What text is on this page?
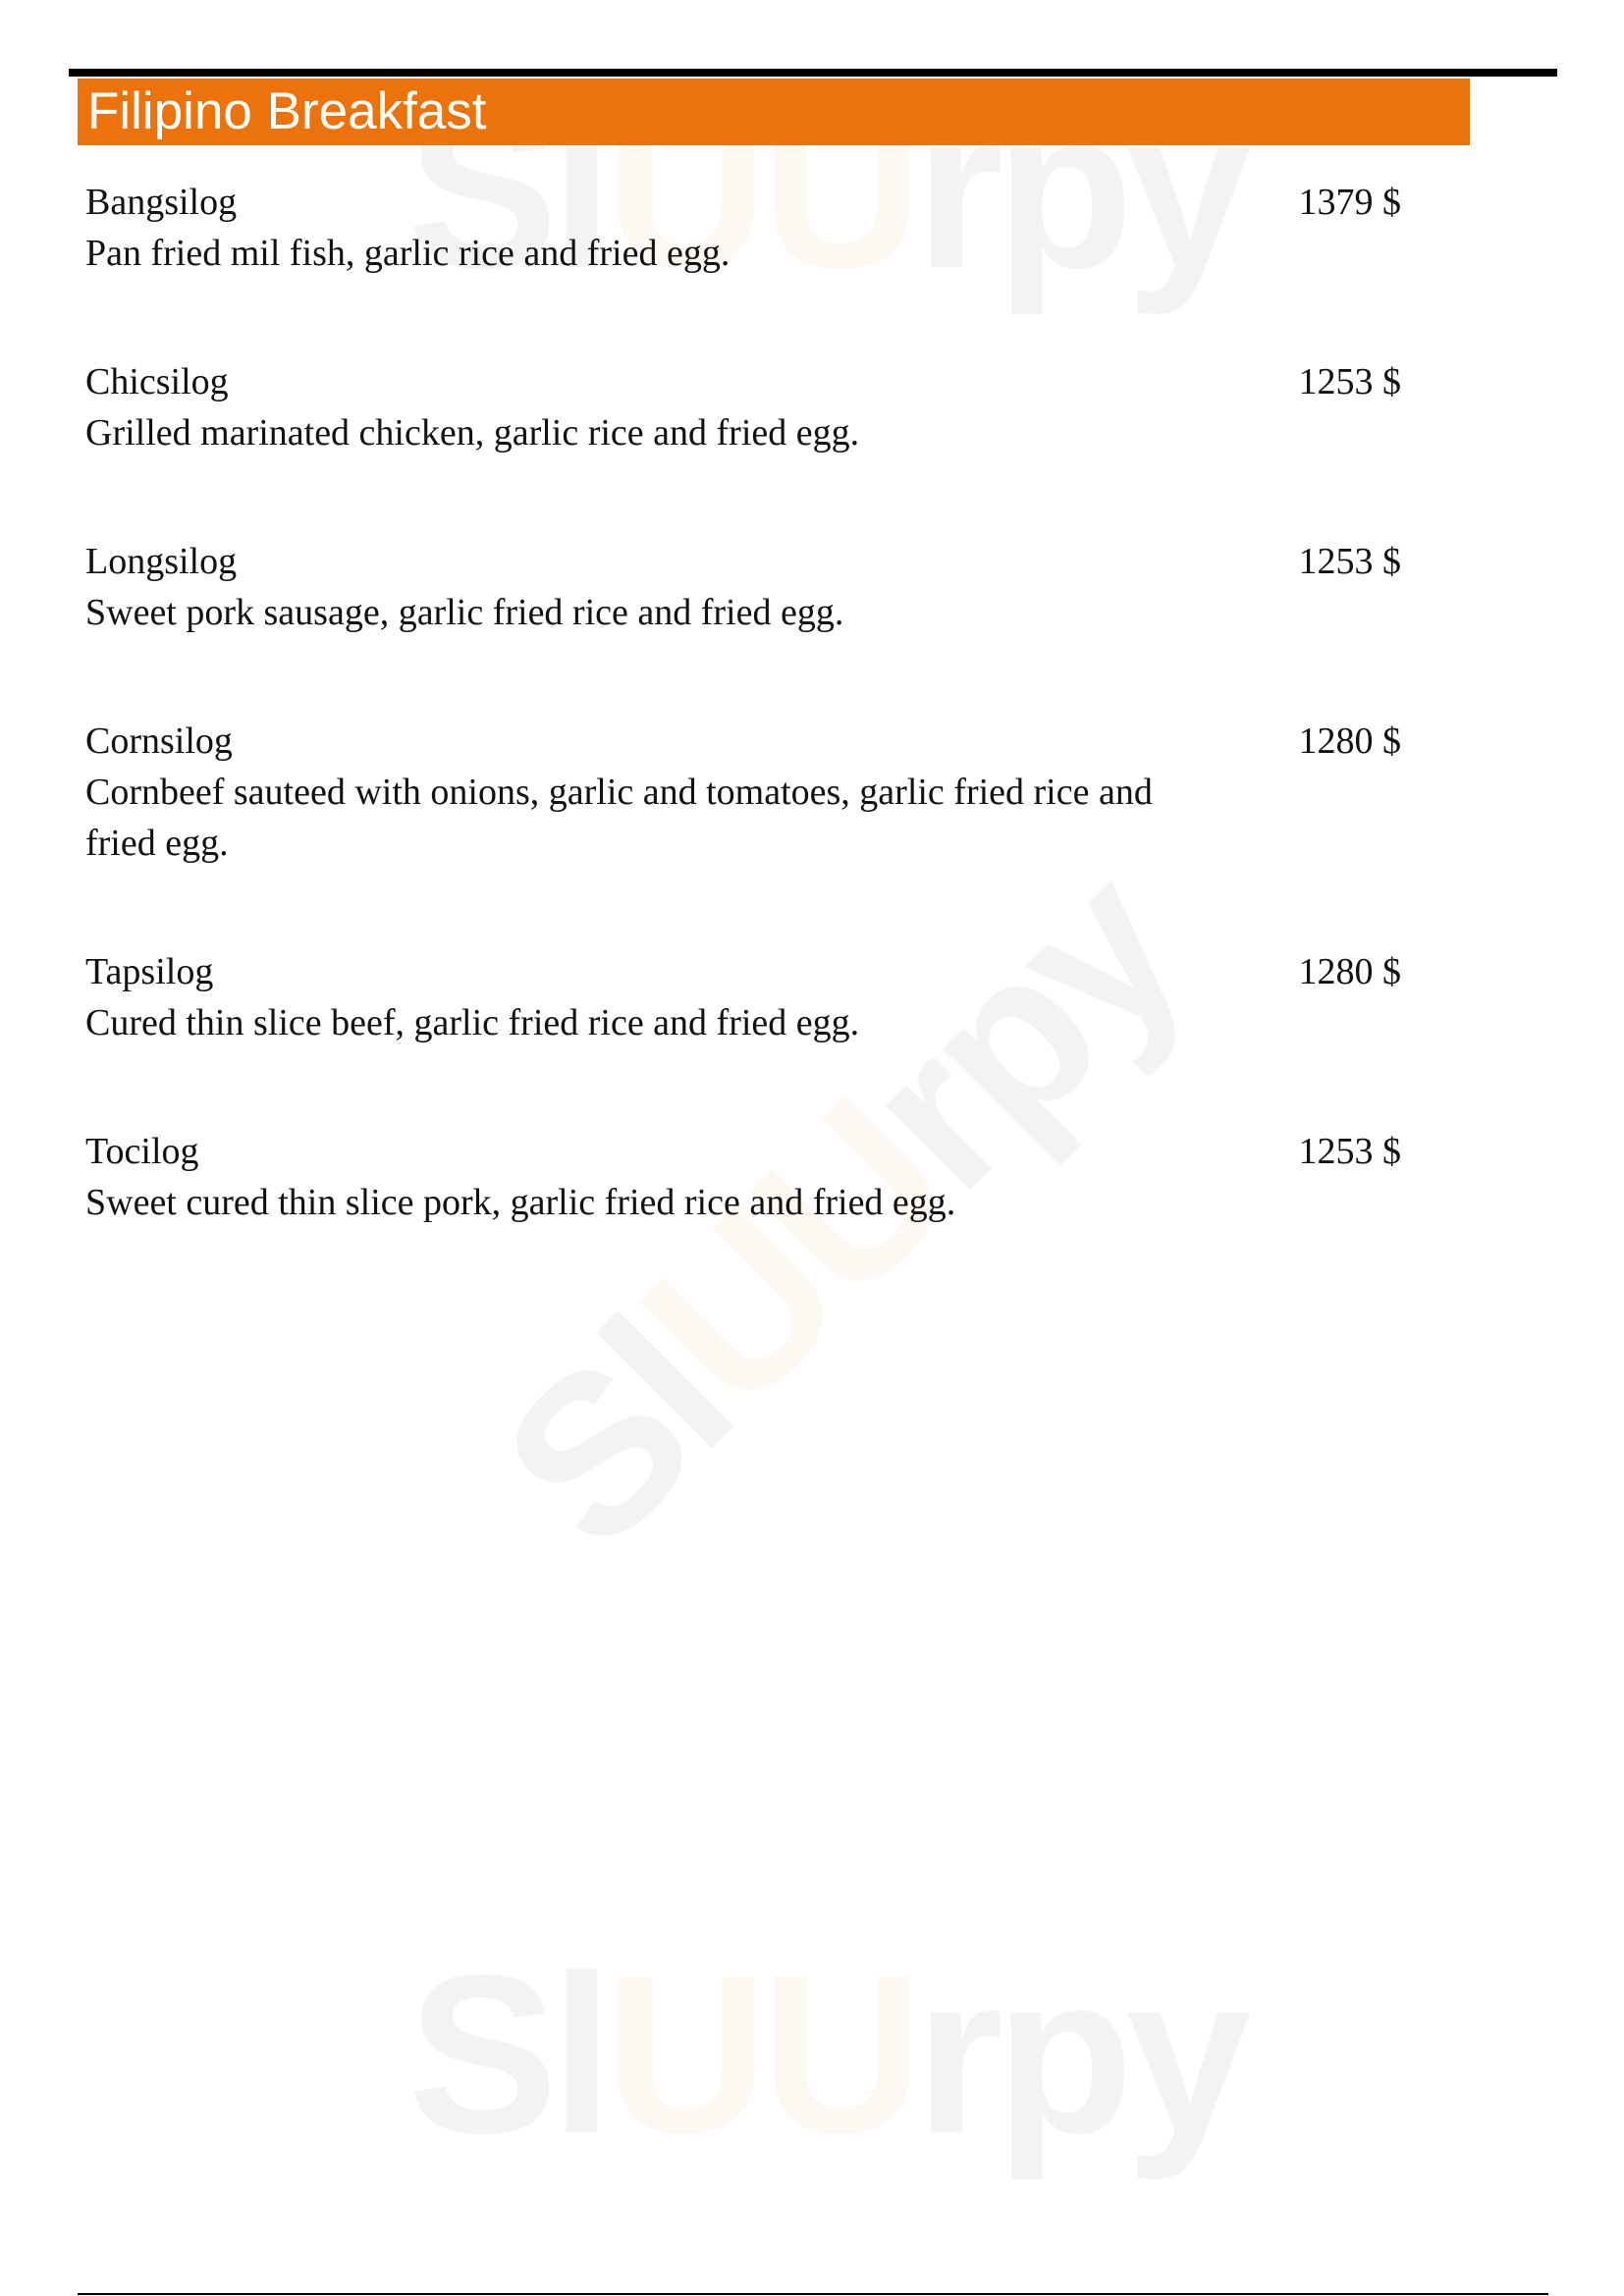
Filipino Breakfast
Bangsilog
Pan fried mil fish, garlic rice and fried egg.
1379 $
Chicsilog
Grilled marinated chicken, garlic rice and fried egg.
1253 $
Longsilog
Sweet pork sausage, garlic fried rice and fried egg.
1253 $
Cornsilog
Cornbeef sauteed with onions, garlic and tomatoes, garlic fried rice and fried egg.
1280 $
Tapsilog
Cured thin slice beef, garlic fried rice and fried egg.
1280 $
Tocilog
Sweet cured thin slice pork, garlic fried rice and fried egg.
1253 $
